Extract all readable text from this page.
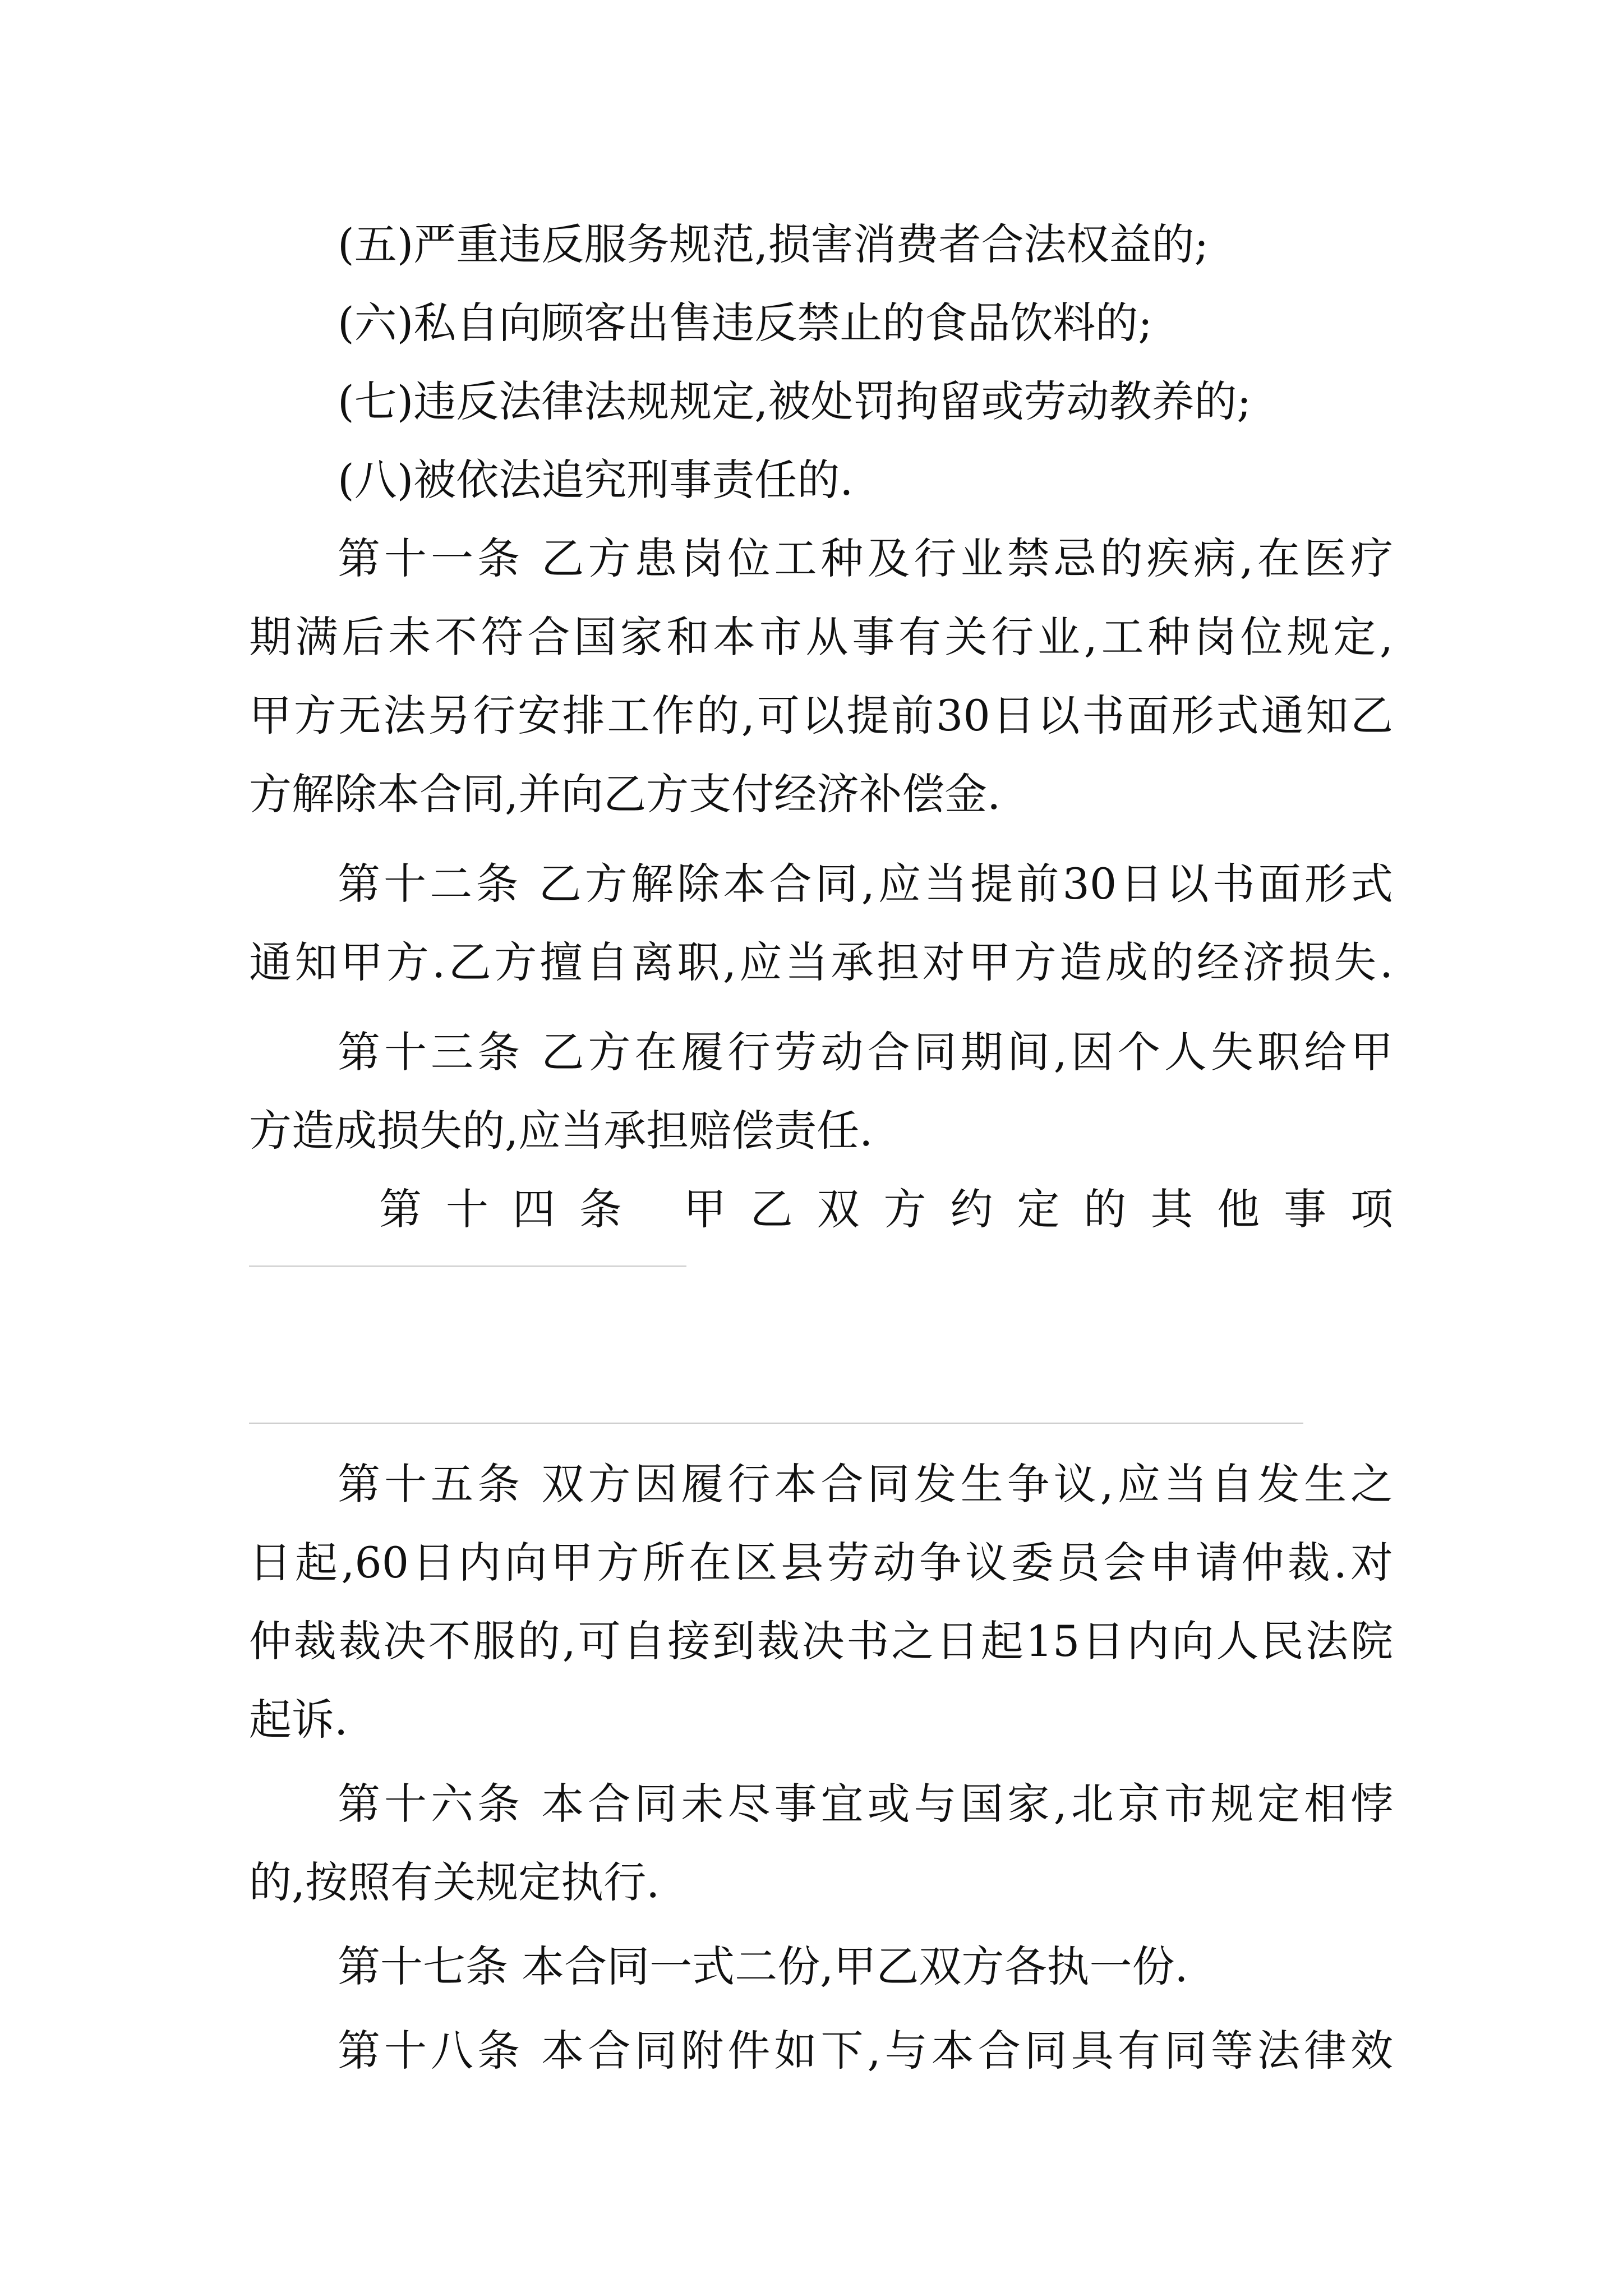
(五)严重违反服务规范,损害消费者合法权益的;
(六)私自向顾客出售违反禁止的食品饮料的;
(七)违反法律法规规定,被处罚拘留或劳动教养的;
(八)被依法追究刑事责任的.
第十一条 乙方患岗位工种及行业禁忌的疾病,在医疗
期满后未不符合国家和本市从事有关行业,工种岗位规定,
甲方无法另行安排工作的,可以提前30日以书面形式通知乙
方解除本合同,并向乙方支付经济补偿金.
第十二条 乙方解除本合同,应当提前30日以书面形式
通知甲方.乙方擅自离职,应当承担对甲方造成的经济损失.
第十三条 乙方在履行劳动合同期间,因个人失职给甲
方造成损失的,应当承担赔偿责任.
第十四条 甲乙双方约定的其他事项
第十五条 双方因履行本合同发生争议,应当自发生之
日起,60日内向甲方所在区县劳动争议委员会申请仲裁.对
仲裁裁决不服的,可自接到裁决书之日起15日内向人民法院
起诉.
第十六条 本合同未尽事宜或与国家,北京市规定相悖
的,按照有关规定执行.
第十七条 本合同一式二份,甲乙双方各执一份.
第十八条 本合同附件如下,与本合同具有同等法律效
